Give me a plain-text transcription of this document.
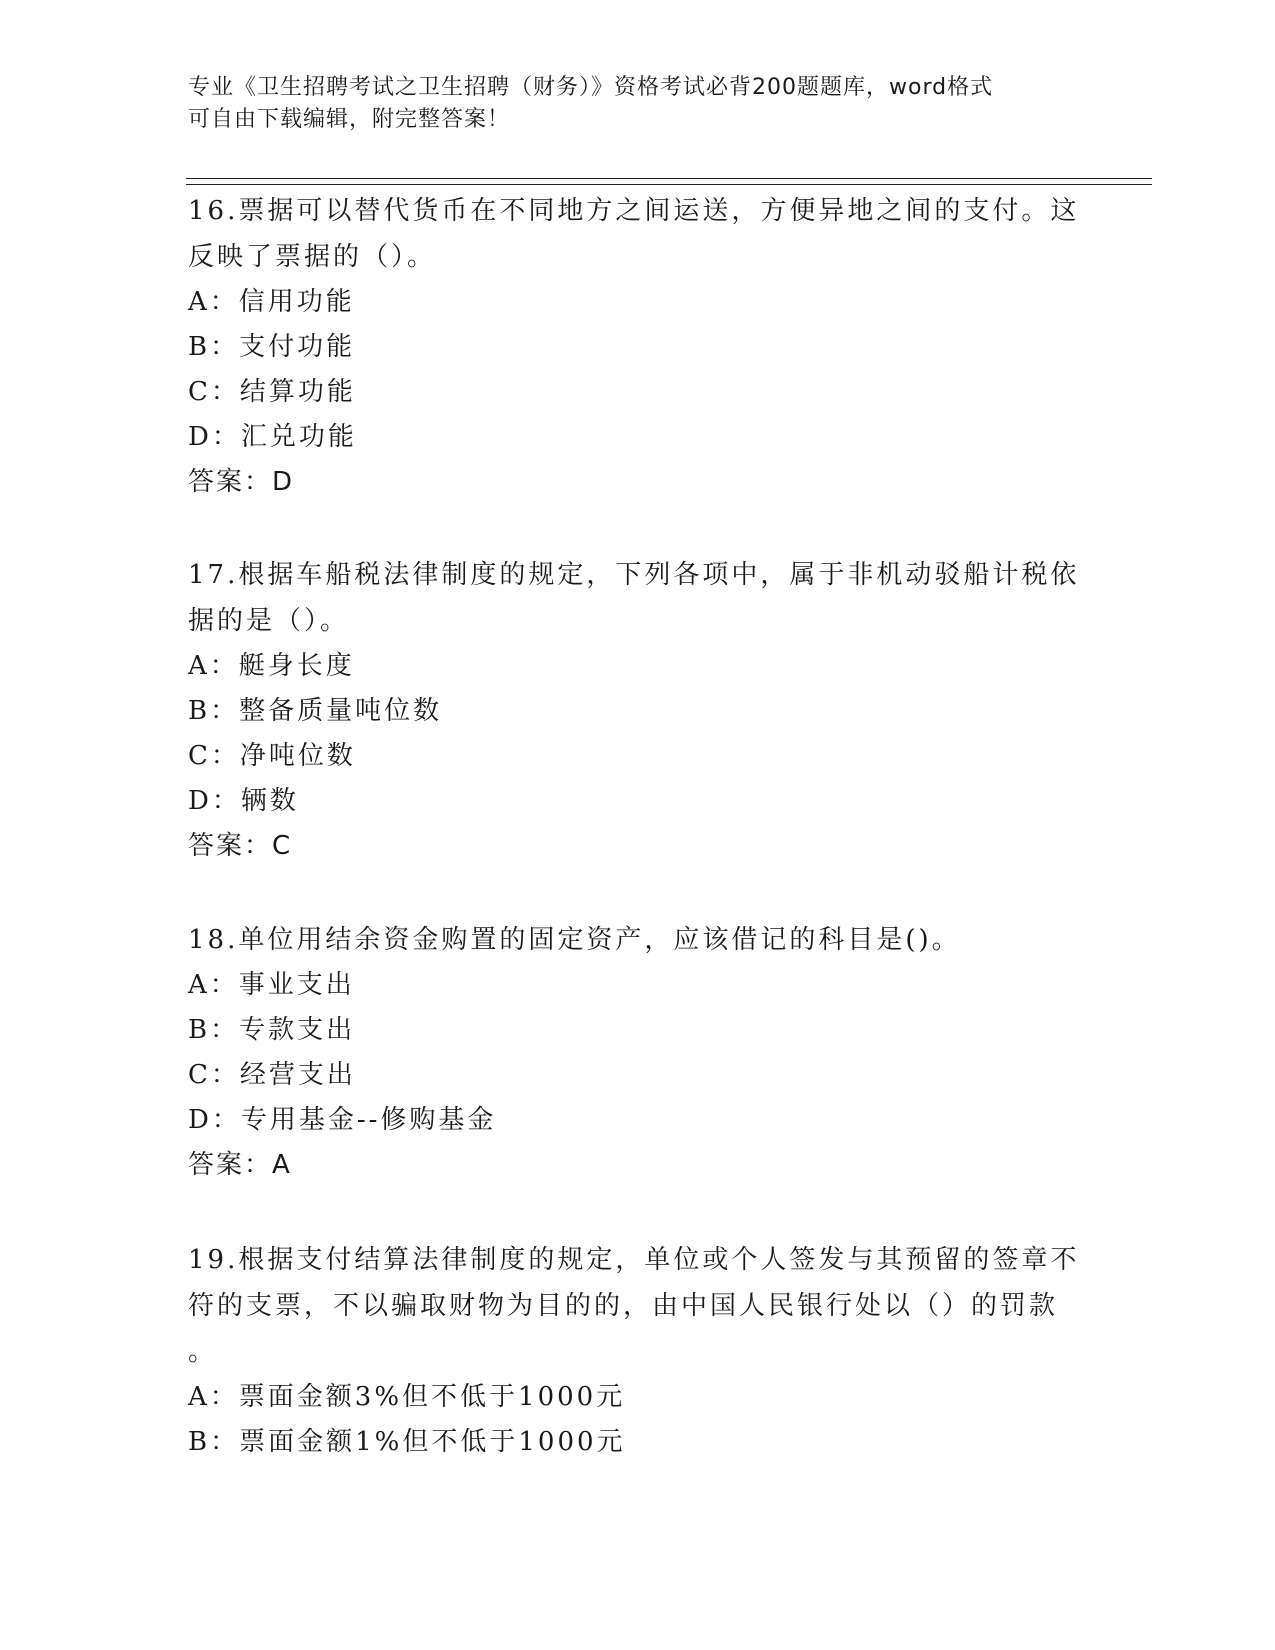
专业《卫生招聘考试之卫生招聘（财务）》资格考试必背200题题库，word格式
可自由下载编辑，附完整答案！

16.票据可以替代货币在不同地方之间运送，方便异地之间的支付。这

反映了票据的（）。

A：信用功能

B：支付功能

C：结算功能

D：汇兑功能

答案：D

17.根据车船税法律制度的规定，下列各项中，属于非机动驳船计税依

据的是（）。

A：艇身长度

B：整备质量吨位数

C：净吨位数

D：辆数

答案：C

18.单位用结余资金购置的固定资产，应该借记的科目是()。

A：事业支出

B：专款支出

C：经营支出

D：专用基金--修购基金

答案：A

19.根据支付结算法律制度的规定，单位或个人签发与其预留的签章不

符的支票，不以骗取财物为目的的，由中国人民银行处以（）的罚款

。

A：票面金额3%但不低于1000元

B：票面金额1%但不低于1000元
